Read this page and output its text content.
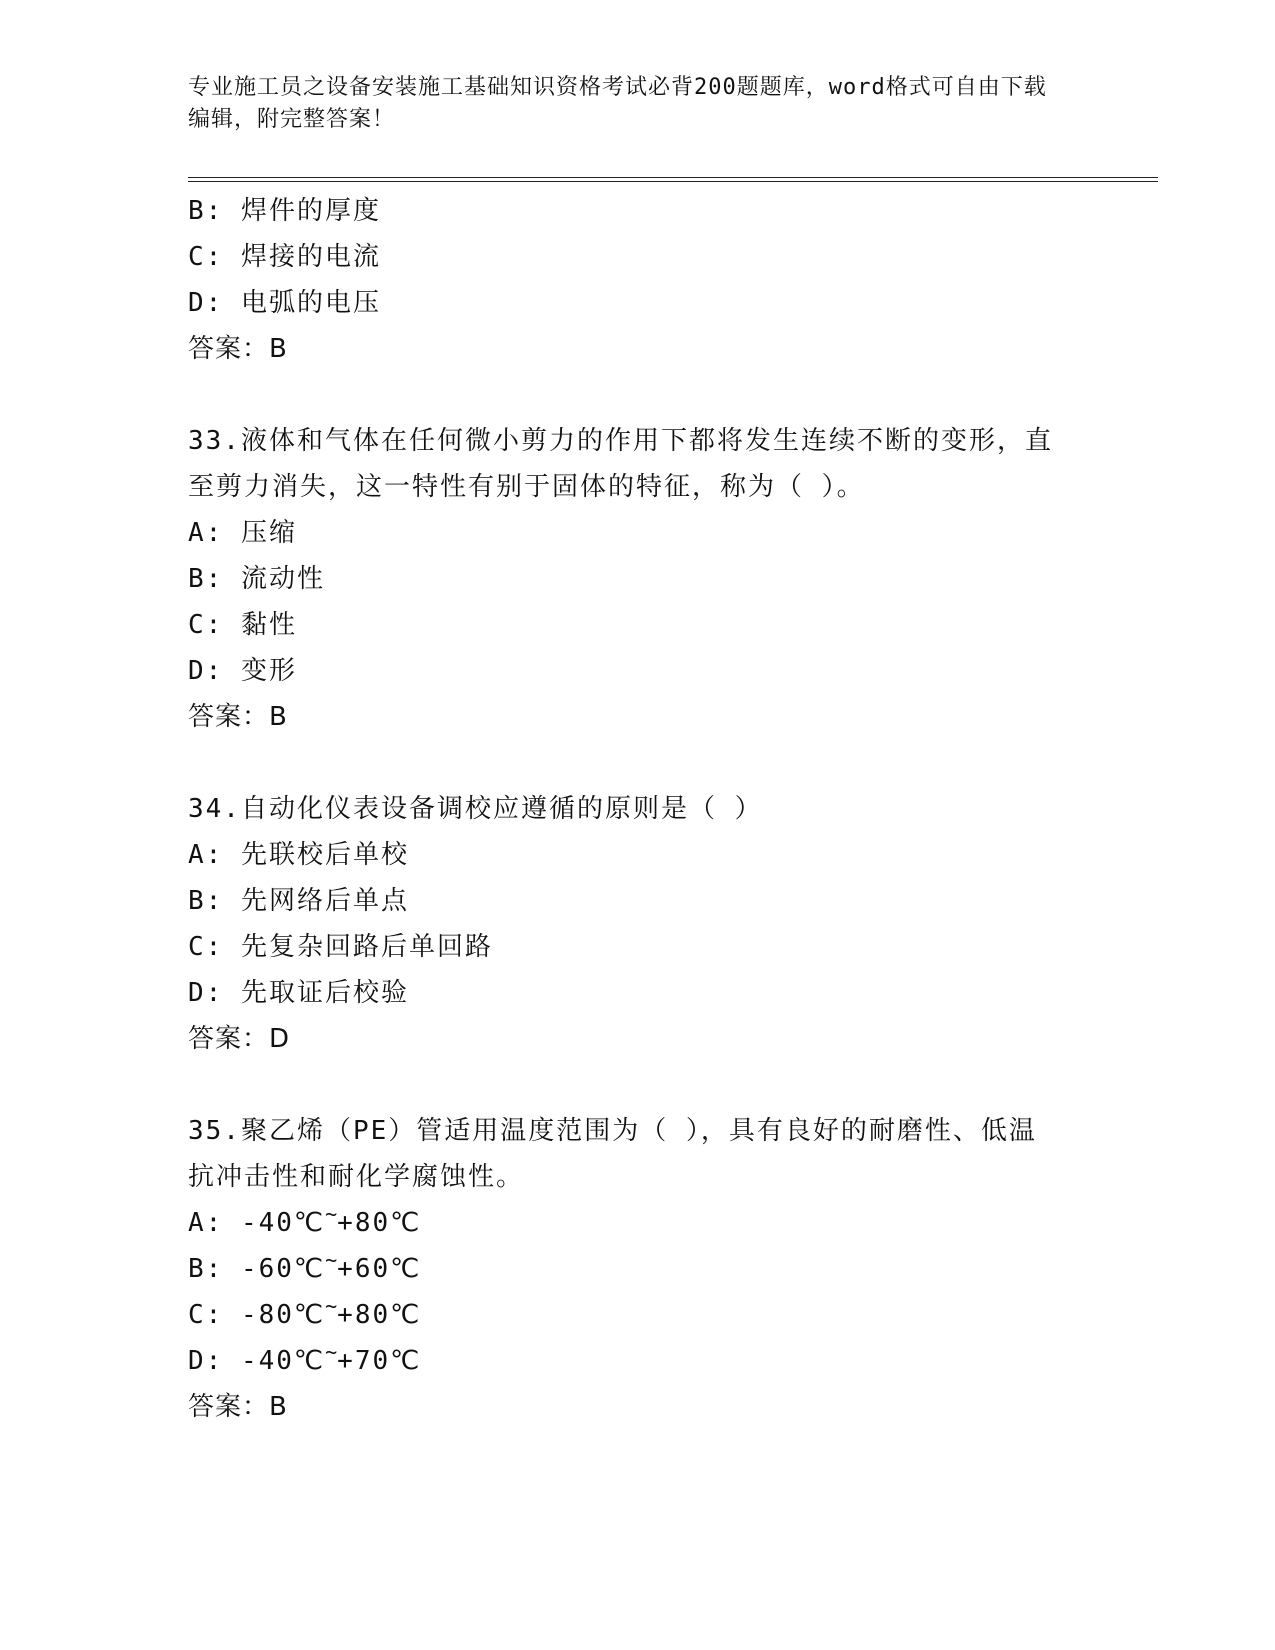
专业施工员之设备安装施工基础知识资格考试必背200题题库，word格式可自由下载编辑，附完整答案！
B: 焊件的厚度
C: 焊接的电流
D: 电弧的电压
答案：B
33.液体和气体在任何微小剪力的作用下都将发生连续不断的变形，直
至剪力消失，这一特性有别于固体的特征，称为（ ）。
A: 压缩
B: 流动性
C: 黏性
D: 变形
答案：B
34.自动化仪表设备调校应遵循的原则是（ ）
A: 先联校后单校
B: 先网络后单点
C: 先复杂回路后单回路
D: 先取证后校验
答案：D
35.聚乙烯（PE）管适用温度范围为（ ），具有良好的耐磨性、低温
抗冲击性和耐化学腐蚀性。
A: -40℃~+80℃
B: -60℃~+60℃
C: -80℃~+80℃
D: -40℃~+70℃
答案：B
